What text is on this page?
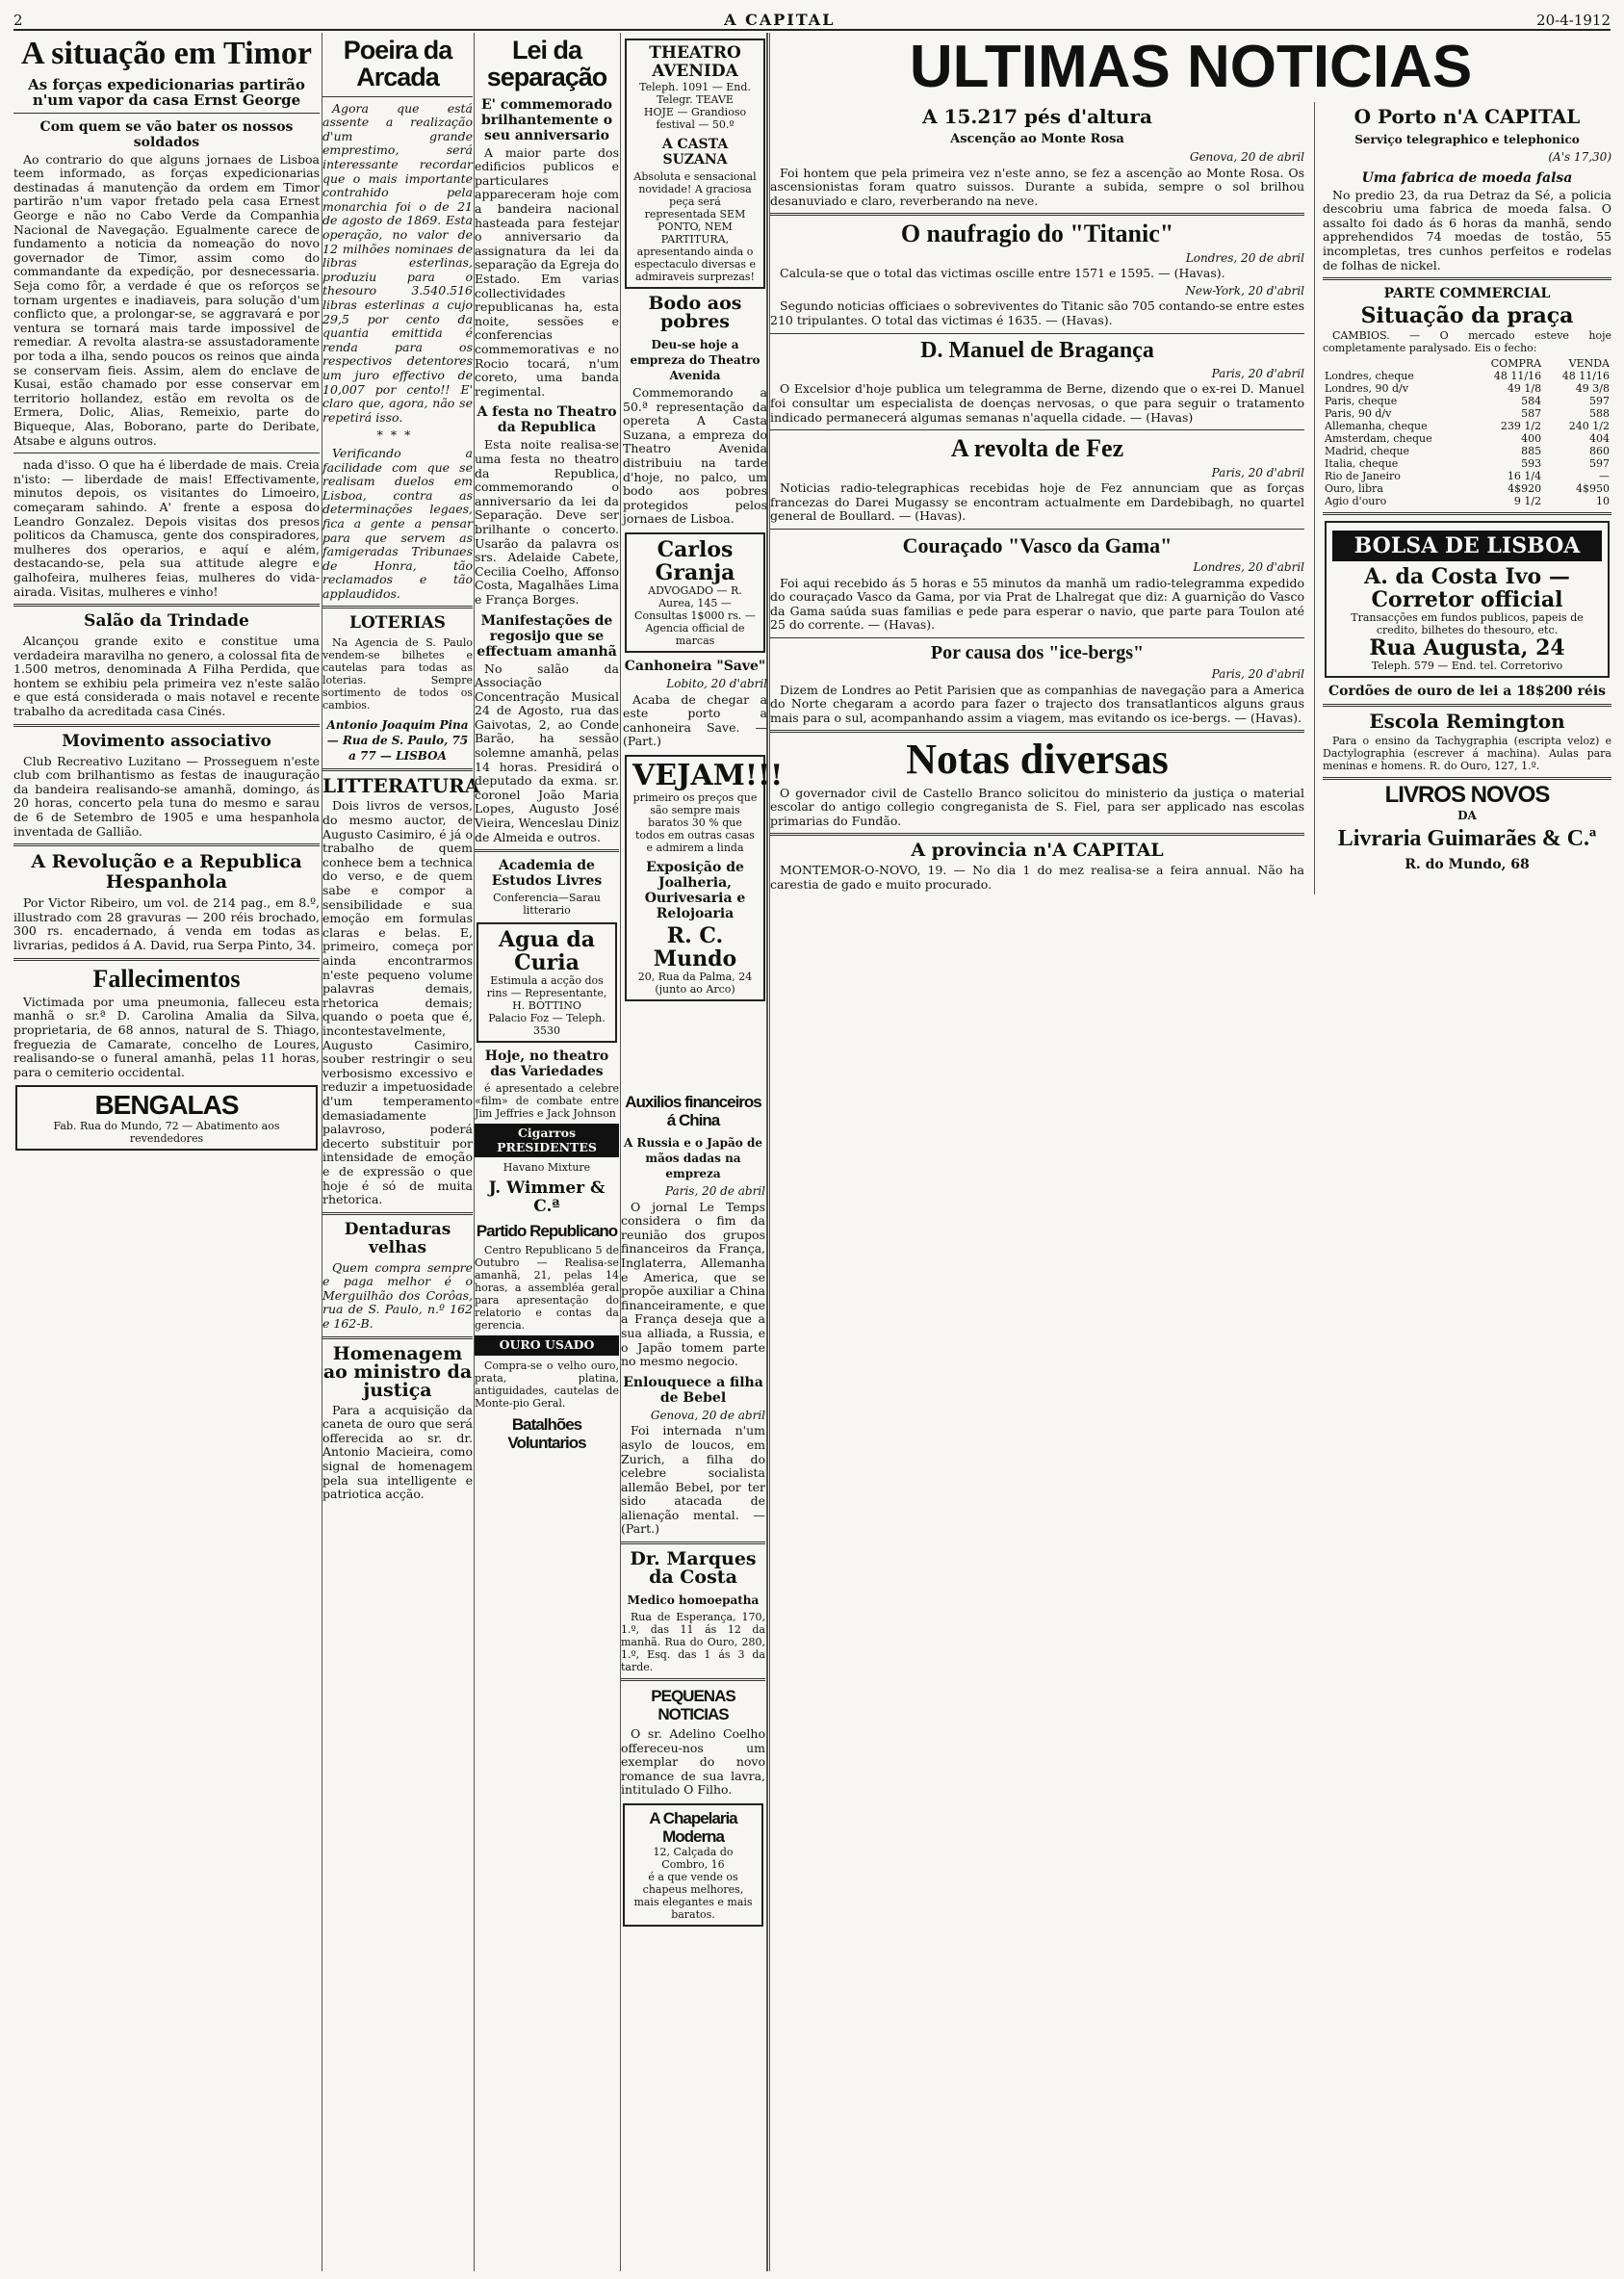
2	A CAPITAL	20-4-1912
A situação em Timor
As forças expedicionarias partirão n'um vapor da casa Ernst George
Com quem se vão bater os nossos soldados

Ao contrario do que alguns jornaes de Lisboa teem informado, as forças expedicionarias destinadas á manutenção da ordem em Timor partirão n'um vapor fretado pela casa Ernest George e não no Cabo Verde da Companhia Nacional de Navegação. Egualmente carece de fundamento a noticia da nomeação do novo governador de Timor, assim como do commandante da expedição, por desnecessaria. Seja como fôr, a verdade é que os reforços se tornam urgentes e inadiaveis, para solução d'um conflicto que, a prolongar-se, se aggravará e por ventura se tornará mais tarde impossivel de remediar. A revolta alastra-se assustadoramente por toda a ilha, sendo poucos os reinos que ainda se conservam fieis. Assim, alem do enclave de Kusai, estão chamado por esse conservar em territorio hollandez, estão em revolta os de Ermera, Dolic, Alias, Remeixio, parte do Biqueque, Alas, Boborano, parte do Deribate, Atsabe e alguns outros.

nada d'isso. O que ha é liberdade de mais. Creia n'isto: — liberdade de mais! Effectivamente, minutos depois, os visitantes do Limoeiro, começaram sahindo. A' frente a esposa do Leandro Gonzalez. Depois visitas dos presos politicos da Chamusca, gente dos conspiradores, mulheres dos operarios, e aquí e além, destacando-se, pela sua attitude alegre e galhofeira, mulheres feias, mulheres do vida-airada. Visitas, mulheres e vinho!

Salão da Trindade

Alcançou grande exito e constitue uma verdadeira maravilha no genero, a colossal fita de 1.500 metros, denominada A Filha Perdida, que hontem se exhibiu pela primeira vez n'este salão e que está considerada o mais notavel e recente trabalho da acreditada casa Cinés.

Movimento associativo

Club Recreativo Luzitano — Prosseguem n'este club com brilhantismo as festas de inauguração da bandeira realisando-se amanhã, domingo, ás 20 horas, concerto pela tuna do mesmo e sarau de 6 de Setembro de 1905 e uma hespanhola inventada de Gallião.

A Revolução e a Republica Hespanhola

Por Victor Ribeiro, um vol. de 214 pag., em 8.º, illustrado com 28 gravuras — 200 réis brochado, 300 rs. encadernado, á venda em todas as livrarias, pedidos á A. David, rua Serpa Pinto, 34.

Fallecimentos

Victimada por uma pneumonia, falleceu esta manhã o sr.ª D. Carolina Amalia da Silva, proprietaria, de 68 annos, natural de S. Thiago, freguezia de Camarate, concelho de Loures, realisando-se o funeral amanhã, pelas 11 horas, para o cemiterio occidental.

BENGALAS
Fab. Rua do Mundo, 72 — Abatimento aos revendedores
Poeira da Arcada

Agora que está assente a realização d'um grande emprestimo, será interessante recordar que o mais importante contrahido pela monarchia foi o de 21 de agosto de 1869. Esta operação, no valor de 12 milhões nominaes de libras esterlinas, produziu para o thesouro 3.540.516 libras esterlinas a cujo 29,5 por cento da quantia emittida é renda para os respectivos detentores um juro effectivo de 10,007 por cento!! E' claro que, agora, não se repetirá isso.

***

Verificando a facilidade com que se realisam duelos em Lisboa, contra as determinações legaes, fica a gente a pensar para que servem as famigeradas Tribunaes de Honra, tão reclamados e tão applaudidos.

LOTERIAS

Na Agencia de S. Paulo vendem-se bilhetes e cautelas para todas as loterias. Sempre sortimento de todos os cambios.

Antonio Joaquim Pina — Rua de S. Paulo, 75 a 77 — LISBOA
LITTERATURA

Dois livros de versos, do mesmo auctor, de Augusto Casimiro, é já o trabalho de quem conhece bem a technica do verso, e de quem sabe e compor a sensibilidade e sua emoção em formulas claras e belas. E, primeiro, começa por ainda encontrarmos n'este pequeno volume palavras demais, rhetorica demais; quando o poeta que é, incontestavelmente, Augusto Casimiro, souber restringir o seu verbosismo excessivo e reduzir a impetuosidade d'um temperamento demasiadamente palavroso, poderá decerto substituir por intensidade de emoção e de expressão o que hoje é só de muita rhetorica.

Dentaduras velhas

Quem compra sempre e paga melhor é o Merguilhão dos Corôas, rua de S. Paulo, n.º 162 e 162-B.

Homenagem ao ministro da justiça

Para a acquisição da caneta de ouro que será offerecida ao sr. dr. Antonio Macieira, como signal de homenagem pela sua intelligente e patriotica acção.

Lei da separação
E' commemorado brilhantemente o seu anniversario

A maior parte dos edificios publicos e particulares appareceram hoje com a bandeira nacional hasteada para festejar o anniversario da assignatura da lei da separação da Egreja do Estado. Em varias collectividades republicanas ha, esta noite, sessões e conferencias commemorativas e no Rocio tocará, n'um coreto, uma banda regimental.

A festa no Theatro da Republica

Esta noite realisa-se uma festa no theatro da Republica, commemorando o anniversario da lei da Separação. Deve ser brilhante o concerto. Usarão da palavra os srs. Adelaide Cabete, Cecilia Coelho, Affonso Costa, Magalhães Lima e França Borges.

Manifestações de regosijo que se effectuam amanhã

No salão da Associação Concentração Musical 24 de Agosto, rua das Gaivotas, 2, ao Conde Barão, ha sessão solemne amanhã, pelas 14 horas. Presidirá o deputado da exma. sr. coronel João Maria Lopes, Augusto José Vieira, Wenceslau Diniz de Almeida e outros.

Academia de Estudos Livres
Conferencia—Sarau litterario
Agua da Curia
Estimula a acção dos rins — Representante, H. BOTTINO
Palacio Foz — Teleph. 3530
Hoje, no theatro das Variedades

é apresentado a celebre «film» de combate entre Jim Jeffries e Jack Johnson

Cigarros PRESIDENTES
Havano Mixture
J. Wimmer & C.ª
Partido Republicano

Centro Republicano 5 de Outubro — Realisa-se amanhã, 21, pelas 14 horas, a assembléa geral para apresentação do relatorio e contas da gerencia.

OURO USADO

Compra-se o velho ouro, prata, platina, antiguidades, cautelas de Monte-pio Geral.

Batalhões Voluntarios
Auxilios financeiros á China
A Russia e o Japão de mãos dadas na empreza
Paris, 20 de abril

O jornal Le Temps considera o fim da reunião dos grupos financeiros da França, Inglaterra, Allemanha e America, que se propõe auxiliar a China financeiramente, e que a França deseja que a sua alliada, a Russia, e o Japão tomem parte no mesmo negocio.

Enlouquece a filha de Bebel
Genova, 20 de abril

Foi internada n'um asylo de loucos, em Zurich, a filha do celebre socialista allemão Bebel, por ter sido atacada de alienação mental. — (Part.)

Dr. Marques da Costa
Medico homoepatha

Rua de Esperança, 170, 1.º, das 11 ás 12 da manhã. Rua do Ouro, 280, 1.º, Esq. das 1 ás 3 da tarde.

PEQUENAS NOTICIAS

O sr. Adelino Coelho offereceu-nos um exemplar do novo romance de sua lavra, intitulado O Filho.

A Chapelaria Moderna
12, Calçada do Combro, 16
é a que vende os chapeus melhores, mais elegantes e mais baratos.
THEATRO AVENIDA
Teleph. 1091 — End. Telegr. TEAVE
HOJE — Grandioso festival — 50.º
A CASTA SUZANA
Absoluta e sensacional novidade! A graciosa peça será representada SEM PONTO, NEM PARTITURA, apresentando ainda o espectaculo diversas e admiraveis surprezas!
Bodo aos pobres
Deu-se hoje a empreza do Theatro Avenida

Commemorando a 50.ª representação da opereta A Casta Suzana, a empreza do Theatro Avenida distribuiu na tarde d'hoje, no palco, um bodo aos pobres protegidos pelos jornaes de Lisboa.

Carlos Granja
ADVOGADO — R. Aurea, 145 — Consultas 1$000 rs. — Agencia official de marcas
Canhoneira "Save"
Lobito, 20 d'abril

Acaba de chegar a este porto a canhoneira Save. — (Part.)

VEJAM!!!
primeiro os preços que são sempre mais baratos 30 % que todos em outras casas e admirem a linda
Exposição de Joalheria, Ourivesaria e Relojoaria
R. C. Mundo
20, Rua da Palma, 24 (junto ao Arco)
ULTIMAS NOTICIAS
A 15.217 pés d'altura
Ascenção ao Monte Rosa
Genova, 20 de abril

Foi hontem que pela primeira vez n'este anno, se fez a ascenção ao Monte Rosa. Os ascensionistas foram quatro suissos. Durante a subida, sempre o sol brilhou desanuviado e claro, reverberando na neve.

O naufragio do "Titanic"
Londres, 20 de abril

Calcula-se que o total das victimas oscille entre 1571 e 1595. — (Havas).

New-York, 20 d'abril

Segundo noticias officiaes o sobreviventes do Titanic são 705 contando-se entre estes 210 tripulantes. O total das victimas é 1635. — (Havas).

D. Manuel de Bragança
Paris, 20 d'abril

O Excelsior d'hoje publica um telegramma de Berne, dizendo que o ex-rei D. Manuel foi consultar um especialista de doenças nervosas, o que para seguir o tratamento indicado permanecerá algumas semanas n'aquella cidade. — (Havas)

A revolta de Fez
Paris, 20 d'abril

Noticias radio-telegraphicas recebidas hoje de Fez annunciam que as forças francezas do Darei Mugassy se encontram actualmente em Dardebibagh, no quartel general de Boullard. — (Havas).

Couraçado "Vasco da Gama"
Londres, 20 d'abril

Foi aqui recebido ás 5 horas e 55 minutos da manhã um radio-telegramma expedido do couraçado Vasco da Gama, por via Prat de Lhalregat que diz: A guarnição do Vasco da Gama saúda suas familias e pede para esperar o navio, que parte para Toulon até 25 do corrente. — (Havas).

Por causa dos "ice-bergs"
Paris, 20 d'abril

Dizem de Londres ao Petit Parisien que as companhias de navegação para a America do Norte chegaram a acordo para fazer o trajecto dos transatlanticos alguns graus mais para o sul, acompanhando assim a viagem, mas evitando os ice-bergs. — (Havas).

Notas diversas

O governador civil de Castello Branco solicitou do ministerio da justiça o material escolar do antigo collegio congreganista de S. Fiel, para ser applicado nas escolas primarias do Fundão.

A provincia n'A CAPITAL

MONTEMOR-O-NOVO, 19. — No dia 1 do mez realisa-se a feira annual. Não ha carestia de gado e muito procurado.

O Porto n'A CAPITAL
Serviço telegraphico e telephonico
(A's 17,30)
Uma fabrica de moeda falsa

No predio 23, da rua Detraz da Sé, a policia descobriu uma fabrica de moeda falsa. O assalto foi dado ás 6 horas da manhã, sendo apprehendidos 74 moedas de tostão, 55 incompletas, tres cunhos perfeitos e rodelas de folhas de nickel.

PARTE COMMERCIAL
Situação da praça

CAMBIOS. — O mercado esteve hoje completamente paralysado. Eis o fecho:

	COMPRA	VENDA
Londres, cheque	48 11/16	48 11/16
Londres, 90 d/v	49 1/8	49 3/8
Paris, cheque	584	597
Paris, 90 d/v	587	588
Allemanha, cheque	239 1/2	240 1/2
Amsterdam, cheque	400	404
Madrid, cheque	885	860
Italia, cheque	593	597
Rio de Janeiro	16 1/4	—
Ouro, libra	4$920	4$950
Agio d'ouro	9 1/2	10
BOLSA DE LISBOA
A. da Costa Ivo — Corretor official
Transacções em fundos publicos, papeis de credito, bilhetes do thesouro, etc.
Rua Augusta, 24
Teleph. 579 — End. tel. Corretorivo
Cordões de ouro de lei a 18$200 réis
Escola Remington

Para o ensino da Tachygraphia (escripta veloz) e Dactylographia (escrever á machina). Aulas para meninas e homens. R. do Ouro, 127, 1.º.

LIVROS NOVOS
DA
Livraria Guimarães & C.ª
R. do Mundo, 68
